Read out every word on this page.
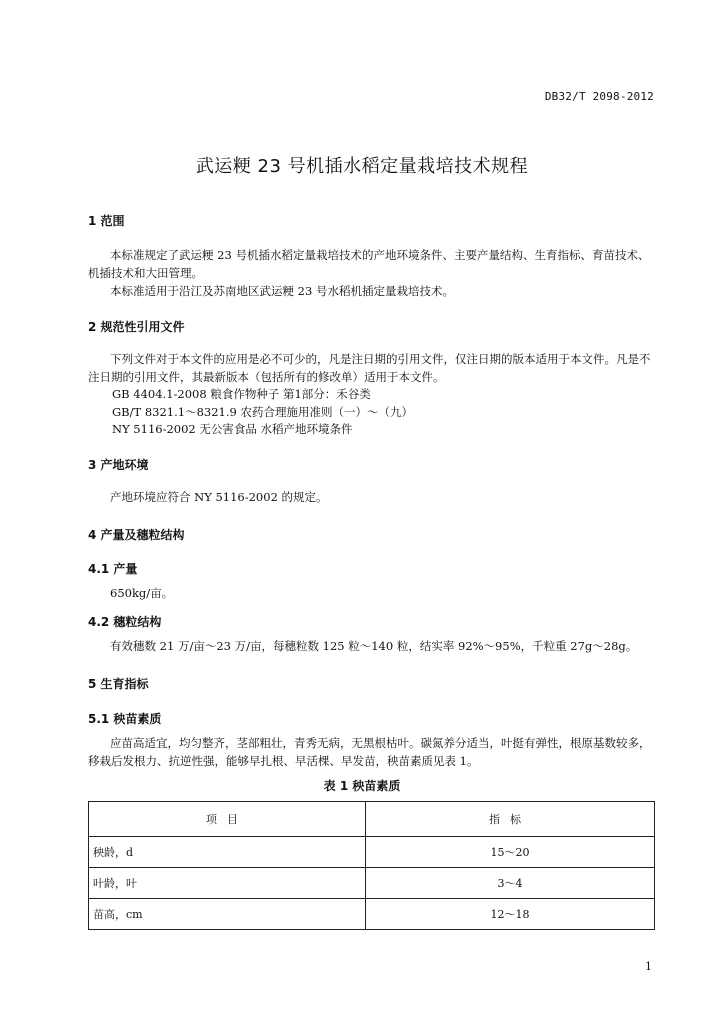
DB32/T 2098-2012
武运粳 23 号机插水稻定量栽培技术规程
1 范围
本标准规定了武运粳 23 号机插水稻定量栽培技术的产地环境条件、主要产量结构、生育指标、育苗技术、机插技术和大田管理。
本标准适用于沿江及苏南地区武运粳 23 号水稻机插定量栽培技术。
2 规范性引用文件
下列文件对于本文件的应用是必不可少的，凡是注日期的引用文件，仅注日期的版本适用于本文件。凡是不注日期的引用文件，其最新版本（包括所有的修改单）适用于本文件。
GB 4404.1-2008 粮食作物种子 第1部分：禾谷类
GB/T 8321.1～8321.9 农药合理施用准则（一）～（九）
NY 5116-2002 无公害食品 水稻产地环境条件
3 产地环境
产地环境应符合 NY 5116-2002 的规定。
4 产量及穗粒结构
4.1 产量
650kg/亩。
4.2 穗粒结构
有效穗数 21 万/亩～23 万/亩，每穗粒数 125 粒～140 粒，结实率 92%～95%，千粒重 27g～28g。
5 生育指标
5.1 秧苗素质
应苗高适宜，均匀整齐，茎部粗壮，青秀无病，无黑根枯叶。碳氮养分适当，叶挺有弹性，根原基数较多，移栽后发根力、抗逆性强，能够早扎根、早活棵、早发苗，秧苗素质见表 1。
表 1 秧苗素质
项目	指标
秧龄，d	15～20
叶龄，叶	3～4
苗高，cm	12～18
1
